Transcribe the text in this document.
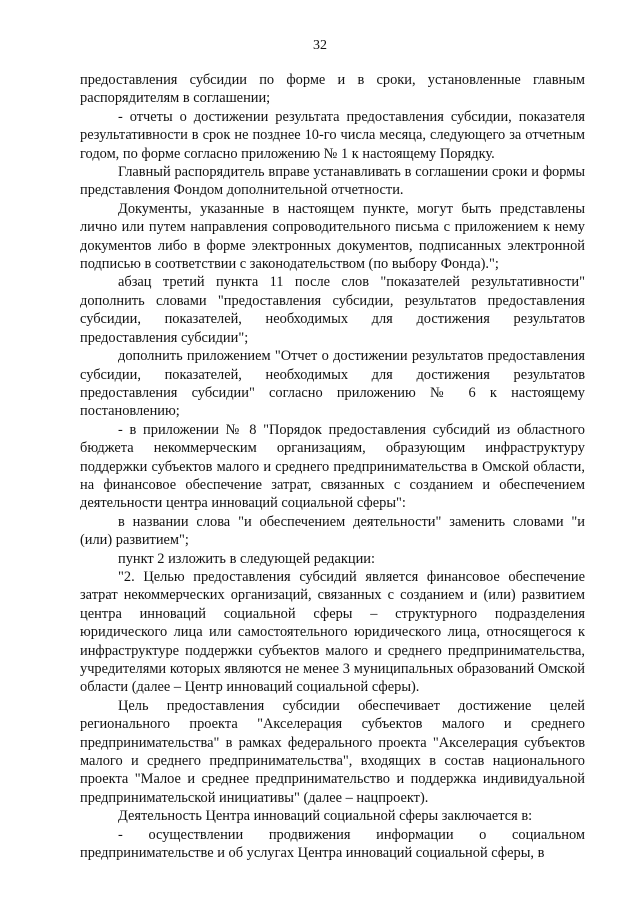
32

предоставления субсидии по форме и в сроки, установленные главным распорядителям в соглашении;

- отчеты о достижении результата предоставления субсидии, показателя результативности в срок не позднее 10-го числа месяца, следующего за отчетным годом, по форме согласно приложению № 1 к настоящему Порядку.

Главный распорядитель вправе устанавливать в соглашении сроки и формы представления Фондом дополнительной отчетности.

Документы, указанные в настоящем пункте, могут быть представлены лично или путем направления сопроводительного письма с приложением к нему документов либо в форме электронных документов, подписанных электронной подписью в соответствии с законодательством (по выбору Фонда).";

абзац третий пункта 11 после слов "показателей результативности" дополнить словами "предоставления субсидии, результатов предоставления субсидии, показателей, необходимых для достижения результатов предоставления субсидии";

дополнить приложением "Отчет о достижении результатов предоставления субсидии, показателей, необходимых для достижения результатов предоставления субсидии" согласно приложению № 6 к настоящему постановлению;

- в приложении № 8 "Порядок предоставления субсидий из областного бюджета некоммерческим организациям, образующим инфраструктуру поддержки субъектов малого и среднего предпринимательства в Омской области, на финансовое обеспечение затрат, связанных с созданием и обеспечением деятельности центра инноваций социальной сферы":

в названии слова "и обеспечением деятельности" заменить словами "и (или) развитием";

пункт 2 изложить в следующей редакции:

"2. Целью предоставления субсидий является финансовое обеспечение затрат некоммерческих организаций, связанных с созданием и (или) развитием центра инноваций социальной сферы – структурного подразделения юридического лица или самостоятельного юридического лица, относящегося к инфраструктуре поддержки субъектов малого и среднего предпринимательства, учредителями которых являются не менее 3 муниципальных образований Омской области (далее – Центр инноваций социальной сферы).

Цель предоставления субсидии обеспечивает достижение целей регионального проекта "Акселерация субъектов малого и среднего предпринимательства" в рамках федерального проекта "Акселерация субъектов малого и среднего предпринимательства", входящих в состав национального проекта "Малое и среднее предпринимательство и поддержка индивидуальной предпринимательской инициативы" (далее – нацпроект).

Деятельность Центра инноваций социальной сферы заключается в:

- осуществлении продвижения информации о социальном предпринимательстве и об услугах Центра инноваций социальной сферы, в
